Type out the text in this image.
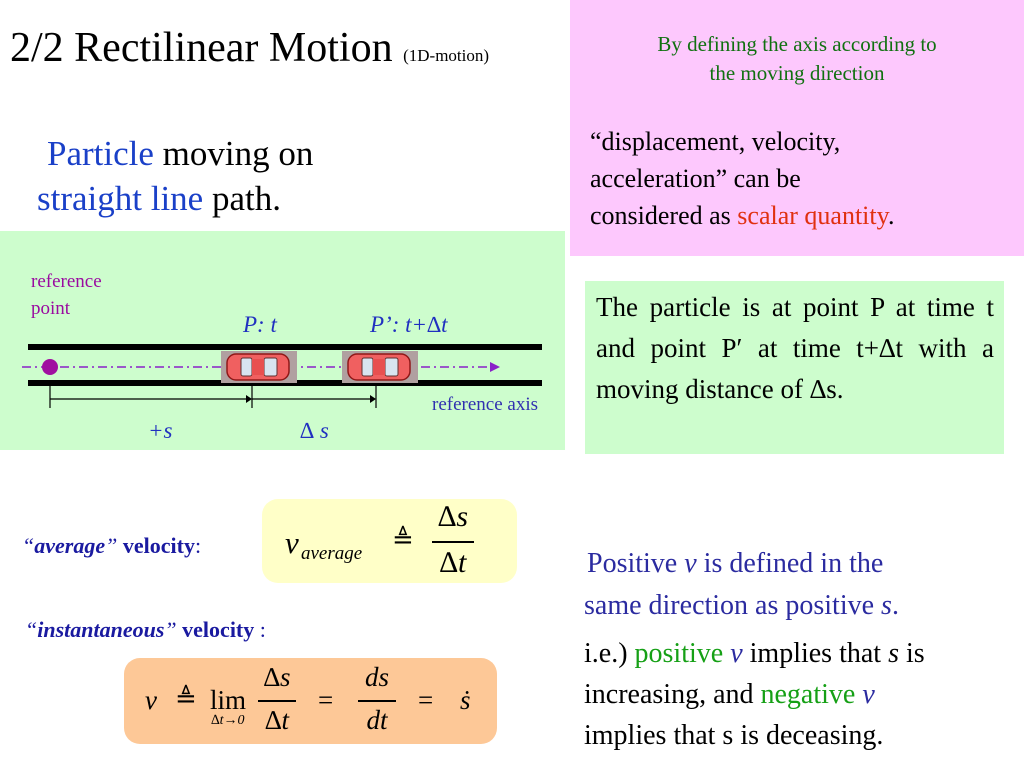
2/2 Rectilinear Motion (1D-motion)	By defining the axis according to
the moving direction
“displacement, velocity,
acceleration” can be
considered as scalar quantity.
Particle moving on
straight line path.
reference
point
P: t	P’: t+∆t
+s	∆ s
reference axis
The particle is at point P at time t and point P′ at time t+∆t with a moving distance of ∆s.
“average” velocity:	v average ≜
∆s
∆t
“instantaneous” velocity :
v ≜ lim
∆t→0
∆s
∆t
=
ds
dt
= ṡ
Positive v is defined in the
same direction as positive s.
i.e.) positive v implies that s is
increasing, and negative v
implies that s is deceasing.
